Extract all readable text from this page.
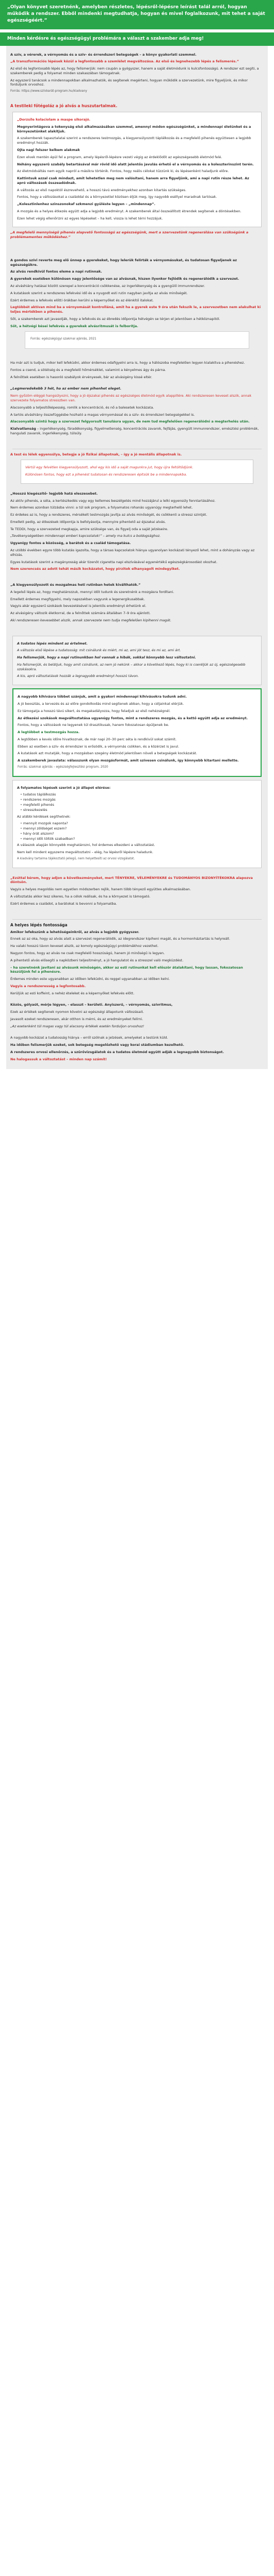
„Olyan könyvet szeretnénk, amelyben részletes, lépésről-lépésre leírást talál arról, hogyan működik a rendszer. Ebből mindenki megtudhatja, hogyan és mivel foglalkozunk, mit tehet a saját egészségéért.”
Minden kérdésre és egészségügyi problémára a választ a szakember adja meg!

A szív, a vérerek, a vérnyomás és a szív- és érrendszeri betegségek – a könyv gyakorlati szemmel.

„A transzformációs lépések közül a legfontosabb a szemlélet megváltozása. Az első és legnehezebb lépés a felismerés.”

Az első és legfontosabb lépés az, hogy felismerjük: nem csupán a gyógyszer, hanem a saját életmódunk is kulcsfontosságú. A rendszer ezt segíti, a szakemberek pedig a folyamat minden szakaszában támogatnak.

Az egyszerű tanácsok a mindennapokban alkalmazhatók, és segítenek megérteni, hogyan működik a szervezetünk, mire figyeljünk, és mikor forduljunk orvoshoz.

Forrás: https://www.szívbarát-program.hu/kiadvany

A testileki főtégoláz a jó alvás a huszutartalmak.

„Dorzsile kolaciolam a maspe sikorajó.

Megnyerintágova a tokenyság első alkalmazásában szemmel, amennyi módon egészségünket, a mindennapi életünket és a környezetünket alakítjuk.

A szakemberek tapasztalatai szerint a rendszeres testmozgás, a kiegyensúlyozott táplálkozás és a megfelelő pihenés együttesen a legjobb eredményt hozzák.

Ojta nagi felszer kelkem alakmak

Ezen elvek mentén épül fel a program, amely lépésről-lépésre vezeti végig az érdeklődőt az egészségesebb életmód felé.

Néhány egyszerű szabály betartásával már rövid idő alatt jelentős javulás érhető el a vérnyomás és a koleszterinszint terén.

Az életmódváltás nem egyik napról a másikra történik. Fontos, hogy reális célokat tűzzünk ki, és lépésenként haladjunk előre.

Kattintsuk azzal csak mindazt, amit lehetetlen meg nem valósítani, hanem arra figyeljünk, ami a napi rutin része lehet. Az apró változások összeadódnak.

A változás az első napoktól észrevehető, a hosszú távú eredményekhez azonban kitartás szükséges.

Fontos, hogy a változásokat a családdal és a környezettel közösen éljük meg, így nagyobb eséllyel maradnak tartósak.

„Kolesztinlenhez szinszonokaf szkmenzi gyüléste legyen – „mindennap”.

A mozgás és a helyes étkezés együtt adja a legjobb eredményt. A szakemberek által összeállított étrendek segítenek a döntésekben.

Ezen lehet végig ellenőrizni az egyes lépéseket – ha kell, vissza is lehet térni hozzájuk.

„A megfelelő mennyiségű pihenés alapvető fontosságú az egészségünk, mert a szervezetünk regenerálása van szükségünk a problémamentes működéshez.”

A gondos szívi reverte meg elő ünnep a gyerekeket, hogy lelerük felírták a vérnyomásukat, és tudatosan figyeljenek az egészségükre.

Az alvás rendkívül fontos eleme a napi rutinnak.

A gyerekek esetében különösen nagy jelentősége van az alvásnak, hiszen ilyenkor fejlődik és regenerálódik a szervezet.

Az alváshiány hatásai között szerepel a koncentráció csökkenése, az ingerlékenység és a gyengülő immunrendszer.

A kutatások szerint a rendszeres lefekvési idő és a nyugodt esti rutin nagyban javítja az alvás minőségét.

Ezért érdemes a lefekvés előtti órákban kerülni a képernyőket és az élénkítő italokat.

Legtöbbét aktívan mind ba a vérnyomását kontrolláná, amit ha a gyerek este 9 óra után fekszik le, a szervezetben nem alakulhat ki teljes mértékben a pihenés.

Sőt, a szakemberek azt javasolják, hogy a lefekvés és az ébredés időpontja hétvégén se térjen el jelentősen a hétköznapitól.

Sőt, a hétvégi kései lefekvés a gyerekek alvásritmusát is felborítja.

Forrás: egészségügyi szakmai ajánlás, 2021

Ha már azt is tudjuk, mikor kell lefeküdni, akkor érdemes odafigyelni arra is, hogy a hálószoba megfelelően legyen kialakítva a pihenéshez.

Fontos a csend, a sötétség és a megfelelő hőmérséklet, valamint a kényelmes ágy és párna.

A felnőttek esetében is hasonló szabályok érvényesek, bár az alvásigény kissé eltér.

„Legmeredekebb 3 hét, ha az ember nem pihenhet eleget.

Nem győzöm eléggé hangsúlyozni, hogy a jó éjszakai pihenés az egészséges életmód egyik alappillére. Aki rendszeresen keveset alszik, annak szervezete folyamatos stresszben van.

Alacsonyabb a teljesítőképesség, romlik a koncentráció, és nő a balesetek kockázata.

A tartós alváshiány összefüggésbe hozható a magas vérnyomással és a szív- és érrendszeri betegségekkel is.

Alacsonyabb szintű hogy a szervezet felgyorsult tanulásra ugyan, de nem tud megfelelően regenerálódni a megterhelés után.

Kialvatlanság – ingerlékenység, fáradékonyság, figyelmetlenség, koncentrációs zavarok, fejfájás, gyengült immunrendszer, emésztési problémák, hangulati zavarok, ingerlékenység, túlsúly.

A test és lélek egyensúlya, betegje a jó fizikai állapotnak, – így a jó mentális állapotnak is.

Vértül egy felvétlen kiegyensúlyozott, ahol egy kis idő a saját magunkra jut, hogy újra feltöltődjünk.

Különösen fontos, hogy ezt a pihenést tudatosan és rendszeresen építsük be a mindennapokba.

„Hosszú kiegészítő- legjobb hatá eleszesebet.

Az aktív pihenés, a séta, a kertészkedés vagy egy kellemes beszélgetés mind hozzájárul a lelki egyensúly fenntartásához.

Nem érdemes azonban túlzásba vinni: a túl sok program, a folyamatos rohanás ugyanúgy megterhelő lehet.

Ez érdekes az is, hogy a rendszeres, mérsékelt testmozgás javítja az alvás minőségét, és csökkenti a stressz szintjét.

Emellett pedig, az étkezések időpontja is befolyásolja, mennyire pihentető az éjszakai alvás.

Te TEDDI, hogy a szervezeted megkapja, amire szüksége van, és figyelj oda a saját jelzéseire.

„Tevékenységekben mindennapi emberi kapcsolatok!” – amely ma kulcs a boldogsághoz.

Ugyanígy fontos a közösség, a barátok és a család támogatása.

Az utóbbi években egyre több kutatás igazolta, hogy a társas kapcsolatok hiánya ugyanolyan kockázati tényező lehet, mint a dohányzás vagy az elhízás.

Egyes kutatások szerint a magányosság akár tizenöt cigaretta napi elszívásával egyenértékű egészségkárosodást okozhat.

Nem szerencsés az adott tehát másik kockázatot, hogy pirzitok elhanyagolt mindegyiket.

„A kiegyensúlyozott és mozgalmas heti rutinban hetek kiválthatók.”

A legelső lépés az, hogy meghatározzuk, mennyi időt tudunk és szeretnénk a mozgásra fordítani.

Emellett érdemes megfigyelni, mely napszakban vagyunk a legenergikusabbak.

Vagyis akár egyszerű szokások bevezetésével is jelentős eredményt érhetünk el.

Az alvásigény változik életkorral, de a felnőttek számára általában 7–9 óra ajánlott.

Aki rendszeresen kevesebbet alszik, annak szervezete nem tudja megfelelően kipihenni magát.

A tudatos lépés mindent az értelmet.

A változás első lépése a tudatosság: mit csinálunk és miért, mi az, ami jót tesz, és mi az, ami árt.

Ha felismerjük, hogy a napi rutinunkban hol vannak a hibák, sokkal könnyebb lesz változtatni.

Ha felismerjük, és belátjuk, hogy amit csinálunk, az nem jó nekünk – akkor a következő lépés, hogy ki is cseréljük az új, egészségesebb szokásokra.

A kis, apró változtatások hozzák a legnagyobb eredményt hosszú távon.

A nagyobb kihívásra tőbbet szánjuk, amit a gyakori mindennapi kihívásokra tudunk adni.

A jó beosztás, a tervezés és az előre gondolkodás mind segítenek abban, hogy a céljainkat elérjük.

Ez támogatja a hosszú távú sikert, és megakadályozza, hogy feladjuk az első nehézségnél.

Az étkezési szokások megváltoztatása ugyanúgy fontos, mint a rendszeres mozgás, és a kettő együtt adja az eredményt.

Fontos, hogy a változások ne legyenek túl drasztikusak, hanem fokozatosan épüljenek be.

A legtöbbet a testmozgás hozza.

A legtöbben a kevés időre hivatkoznak, de már napi 20–30 perc séta is rendkívül sokat számít.

Ebben az esetben a szív- és érrendszer is erősödik, a vérnyomás csökken, és a közérzet is javul.

A kutatások azt mutatják, hogy a mozgásban szegény életmód jelentősen növeli a betegségek kockázatát.

A szakemberek javaslata: válasszunk olyan mozgásformát, amit szívesen csinálunk, így könnyebb kitartani mellette.

Forrás: szakmai ajánlás – egészségfejlesztési program, 2020

A folyamatos lépések szerint a jó állapot elérése:

• tudatos táplálkozás
• rendszeres mozgás
• megfelelő pihenés
• stresszkezelés

Az alábbi kérdések segíthetnek:

• mennyit mozgok naponta?
• mennyi zöldséget eszem?
• hány órát alszom?
• mennyi időt töltök szabadban?

A válaszok alapján könnyebb meghatározni, hol érdemes elkezdeni a változtatást.

Nem kell mindent egyszerre megváltoztatni – elég, ha lépésről lépésre haladunk.

A kiadvány tartalma tájékoztató jellegű, nem helyettesíti az orvosi vizsgálatot.

„Ezúttal kérem, hogy adjon a következményeket, mert TÉNYEKRE, VÉLEMÉNYEKRE és TUDOMÁNYOS BIZONYÍTÉKOKRA alapozva döntsön.

Vagyis a helyes megoldás nem egyetlen módszerben rejlik, hanem több tényező együttes alkalmazásában.

A változtatás akkor lesz sikeres, ha a célok reálisak, és ha a környezet is támogató.

Ezért érdemes a családot, a barátokat is bevonni a folyamatba.

A helyes lépés fontossága

Amikor lefekszünk a lehetőségeinkről, az alvás a legjobb gyógyszer.

Ennek az az oka, hogy az alvás alatt a szervezet regenerálódik, az idegrendszer kipiheni magát, és a hormonháztartás is helyreáll.

Ha valaki hosszú távon keveset alszik, az komoly egészségügyi problémákhoz vezethet.

Nagyon fontos, hogy az alvás ne csak megfelelő hosszúságú, hanem jó minőségű is legyen.

A pihentető alvás elősegíti a napközbeni teljesítményt, a jó hangulatot és a stresszel való megküzdést.

– ha szeretnénk javítani az alvásunk minőségén, akkor az esti rutinunkat kell először átalakítani, hogy lassan, fokozatosan készüljünk fel a pihenésre.

Érdemes minden este ugyanabban az időben lefeküdni, és reggel ugyanabban az időben kelni.

Vagyis a rendszeresség a legfontosabb.

Kerüljük az esti koffeint, a nehéz ételeket és a képernyőket lefekvés előtt.

Közös, gólyaút, mérje légyen, - elasszt – kerületi. Anyiszerű, – vérnyomás, szívritmus,

Ezek az értékek segítenek nyomon követni az egészségi állapotunk változásait.

Javasolt ezeket rendszeresen, akár otthon is mérni, és az eredményeket felírni.

„Az esetenként túl magas vagy túl alacsony értékek esetén forduljon orvoshoz!

A nagyobb kockázat a tudatosság hiánya – erről szólnak a jelzések, amelyeket a testünk küld.

Ha időben felismerjük ezeket, sok betegség megelőzhető vagy korai stádiumban kezelhető.

A rendszeres orvosi ellenőrzés, a szűrővizsgálatok és a tudatos életmód együtt adják a legnagyobb biztonságot.

Ne halogassuk a változtatást – minden nap számít!
